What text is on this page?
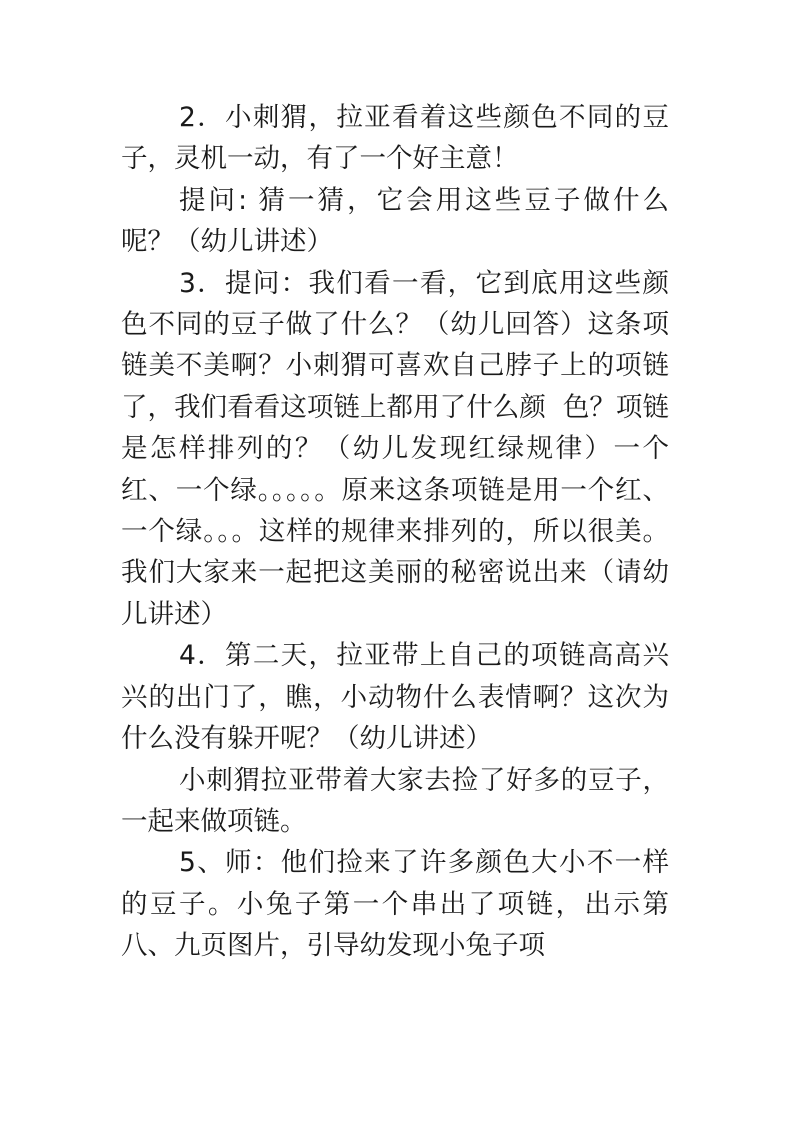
2．小刺猬，拉亚看着这些颜色不同的豆子，灵机一动，有了一个好主意！

提问: 猜一猜，它会用这些豆子做什么呢？（幼儿讲述）

3．提问：我们看一看，它到底用这些颜色不同的豆子做了什么？（幼儿回答）这条项链美不美啊？小刺猬可喜欢自己脖子上的项链了，我们看看这项链上都用了什么颜  色？项链是怎样排列的？（幼儿发现红绿规律）一个红、一个绿。。。。。原来这条项链是用一个红、一个绿。。。这样的规律来排列的，所以很美。我们大家来一起把这美丽的秘密说出来（请幼儿讲述）

4．第二天，拉亚带上自己的项链高高兴兴的出门了，瞧，小动物什么表情啊？这次为什么没有躲开呢？（幼儿讲述）

小刺猬拉亚带着大家去捡了好多的豆子，一起来做项链。

5、师：他们捡来了许多颜色大小不一样的豆子。小兔子第一个串出了项链，出示第八、九页图片，引导幼发现小兔子项
